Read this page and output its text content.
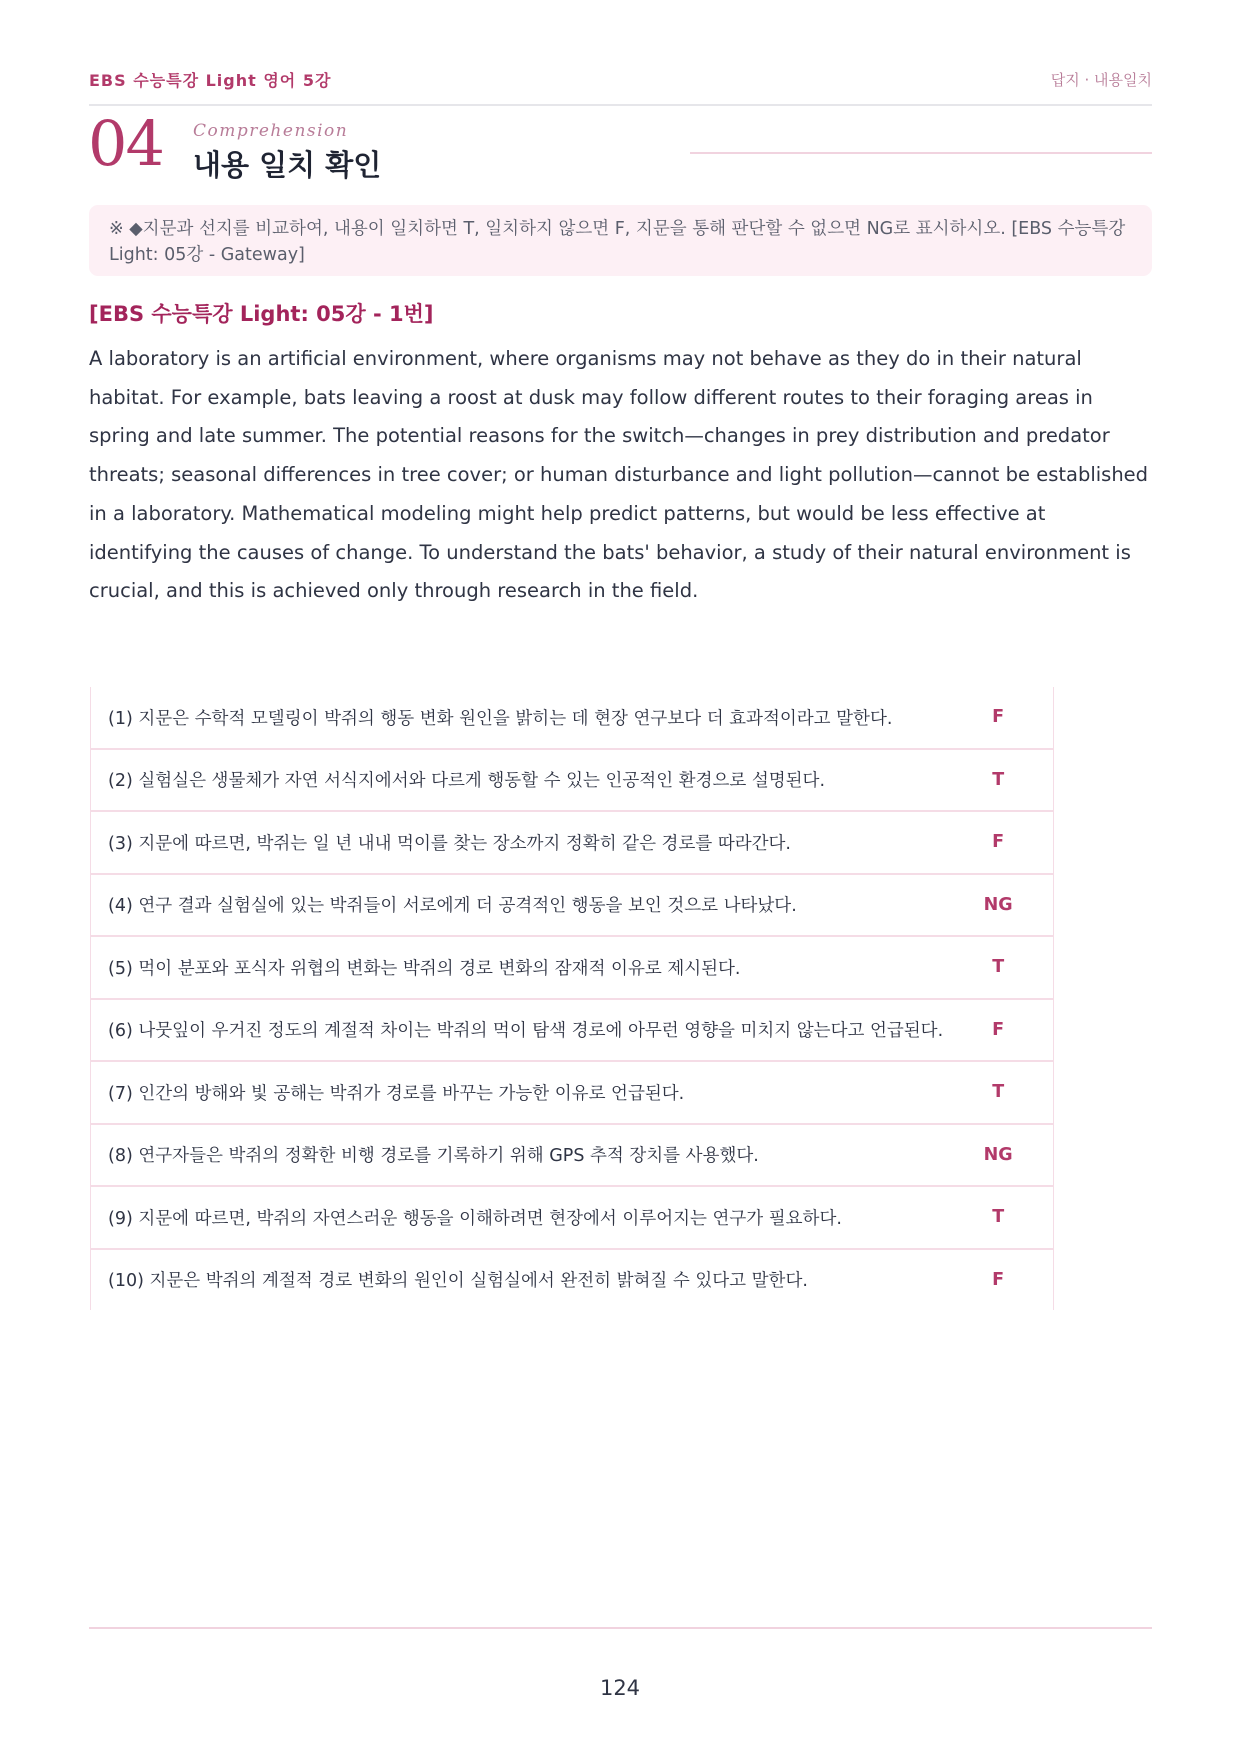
EBS 수능특강 Light 영어 5강	답지 · 내용일치
04 Comprehension
내용 일치 확인
※ ◆지문과 선지를 비교하여, 내용이 일치하면 T, 일치하지 않으면 F, 지문을 통해 판단할 수 없으면 NG로 표시하시오. [EBS 수능특강 Light: 05강 - Gateway]
[EBS 수능특강 Light: 05강 - 1번]
A laboratory is an artificial environment, where organisms may not behave as they do in their natural habitat. For example, bats leaving a roost at dusk may follow different routes to their foraging areas in spring and late summer. The potential reasons for the switch—changes in prey distribution and predator threats; seasonal differences in tree cover; or human disturbance and light pollution—cannot be established in a laboratory. Mathematical modeling might help predict patterns, but would be less effective at identifying the causes of change. To understand the bats' behavior, a study of their natural environment is crucial, and this is achieved only through research in the field.
(1) 지문은 수학적 모델링이 박쥐의 행동 변화 원인을 밝히는 데 현장 연구보다 더 효과적이라고 말한다.	F
(2) 실험실은 생물체가 자연 서식지에서와 다르게 행동할 수 있는 인공적인 환경으로 설명된다.	T
(3) 지문에 따르면, 박쥐는 일 년 내내 먹이를 찾는 장소까지 정확히 같은 경로를 따라간다.	F
(4) 연구 결과 실험실에 있는 박쥐들이 서로에게 더 공격적인 행동을 보인 것으로 나타났다.	NG
(5) 먹이 분포와 포식자 위협의 변화는 박쥐의 경로 변화의 잠재적 이유로 제시된다.	T
(6) 나뭇잎이 우거진 정도의 계절적 차이는 박쥐의 먹이 탐색 경로에 아무런 영향을 미치지 않는다고 언급된다.	F
(7) 인간의 방해와 빛 공해는 박쥐가 경로를 바꾸는 가능한 이유로 언급된다.	T
(8) 연구자들은 박쥐의 정확한 비행 경로를 기록하기 위해 GPS 추적 장치를 사용했다.	NG
(9) 지문에 따르면, 박쥐의 자연스러운 행동을 이해하려면 현장에서 이루어지는 연구가 필요하다.	T
(10) 지문은 박쥐의 계절적 경로 변화의 원인이 실험실에서 완전히 밝혀질 수 있다고 말한다.	F
124
